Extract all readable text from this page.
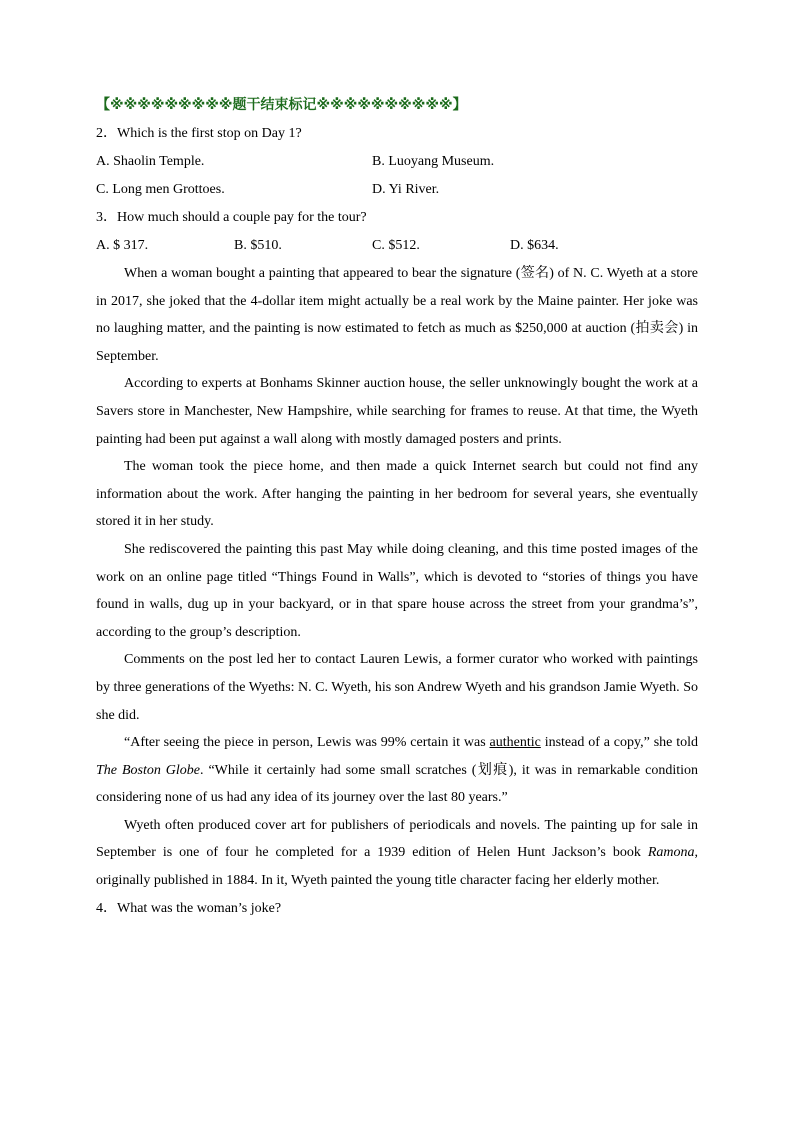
【※※※※※※※※※题干结束标记※※※※※※※※※※】
2．Which is the first stop on Day 1?
A. Shaolin Temple.	B. Luoyang Museum.
C. Long men Grottoes.	D. Yi River.
3．How much should a couple pay for the tour?
A. $ 317.	B. $510.	C. $512.	D. $634.
When a woman bought a painting that appeared to bear the signature (签名) of N. C. Wyeth at a store in 2017, she joked that the 4-dollar item might actually be a real work by the Maine painter. Her joke was no laughing matter, and the painting is now estimated to fetch as much as $250,000 at auction (拍卖会) in September.
According to experts at Bonhams Skinner auction house, the seller unknowingly bought the work at a Savers store in Manchester, New Hampshire, while searching for frames to reuse. At that time, the Wyeth painting had been put against a wall along with mostly damaged posters and prints.
The woman took the piece home, and then made a quick Internet search but could not find any information about the work. After hanging the painting in her bedroom for several years, she eventually stored it in her study.
She rediscovered the painting this past May while doing cleaning, and this time posted images of the work on an online page titled “Things Found in Walls”, which is devoted to “stories of things you have found in walls, dug up in your backyard, or in that spare house across the street from your grandma’s”, according to the group’s description.
Comments on the post led her to contact Lauren Lewis, a former curator who worked with paintings by three generations of the Wyeths: N. C. Wyeth, his son Andrew Wyeth and his grandson Jamie Wyeth. So she did.
“After seeing the piece in person, Lewis was 99% certain it was authentic instead of a copy,” she told The Boston Globe. “While it certainly had some small scratches (划痕), it was in remarkable condition considering none of us had any idea of its journey over the last 80 years.”
Wyeth often produced cover art for publishers of periodicals and novels. The painting up for sale in September is one of four he completed for a 1939 edition of Helen Hunt Jackson’s book Ramona, originally published in 1884. In it, Wyeth painted the young title character facing her elderly mother.
4．What was the woman’s joke?
